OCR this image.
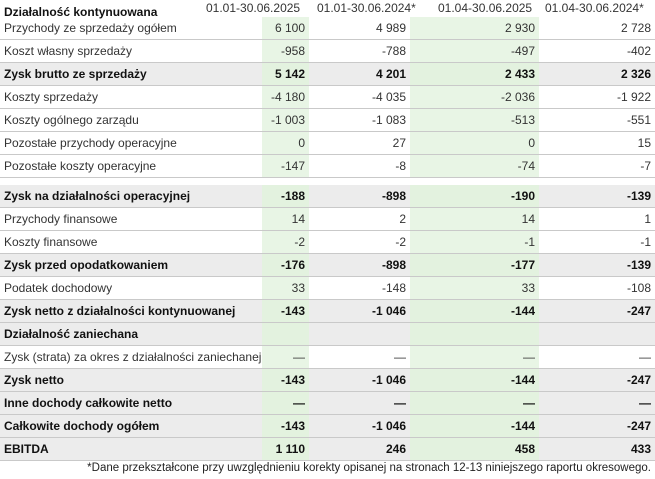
Działalność kontynuowana	01.01-30.06.2025 01.01-30.06.2024* 01.04-30.06.2025 01.04-30.06.2024*
Przychody ze sprzedaży ogółem	6 100	4 989	2 930	2 728
Koszt własny sprzedaży	-958	-788	-497	-402
Zysk brutto ze sprzedaży	5 142	4 201	2 433	2 326
Koszty sprzedaży	-4 180	-4 035	-2 036	-1 922
Koszty ogólnego zarządu	-1 003	-1 083	-513	-551
Pozostałe przychody operacyjne	0	27	0	15
Pozostałe koszty operacyjne	-147	-8	-74	-7

Zysk na działalności operacyjnej	-188	-898	-190	-139
Przychody finansowe	14	2	14	1
Koszty finansowe	-2	-2	-1	-1
Zysk przed opodatkowaniem	-176	-898	-177	-139
Podatek dochodowy	33	-148	33	-108
Zysk netto z działalności kontynuowanej	-143	-1 046	-144	-247
Działalność zaniechana				
Zysk (strata) za okres z działalności zaniechanej	—	—	—	—
Zysk netto	-143	-1 046	-144	-247
Inne dochody całkowite netto	—	—	—	—
Całkowite dochody ogółem	-143	-1 046	-144	-247
EBITDA	1 110	246	458	433
*Dane przekształcone przy uwzględnieniu korekty opisanej na stronach 12-13 niniejszego raportu okresowego.
